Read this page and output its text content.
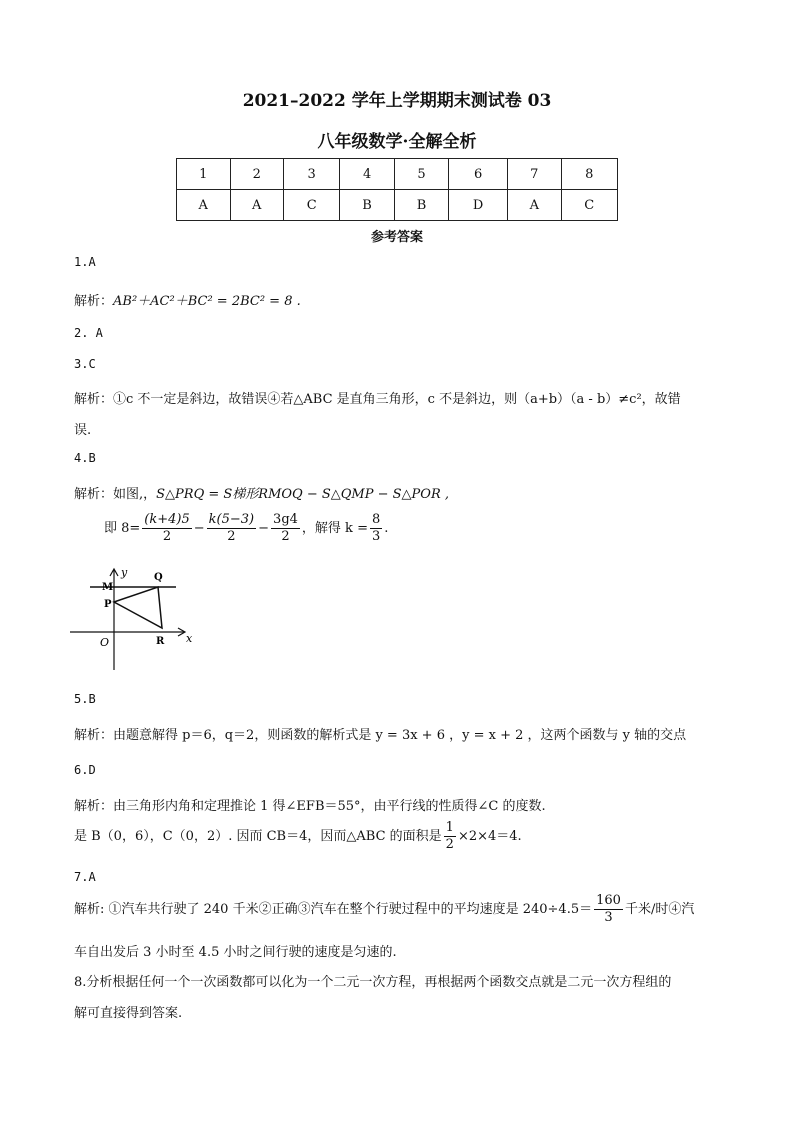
2021–2022 学年上学期期末测试卷 03
八年级数学·全解全析
1	2	3	4	5	6	7	8
A	A	C	B	B	D	A	C
参考答案
1.A
解析：AB²＋AC²＋BC² = 2BC² = 8 .
2. A
3.C
解析：①c 不一定是斜边，故错误④若△ABC 是直角三角形，c 不是斜边，则（a+b）（a - b）≠c²，故错
误.
4.B
解析：如图,，S△PRQ = S梯形RMOQ − S△QMP − S△POR ,
即 $8= \frac{(k+4)5}{2} - \frac{k(5-3)}{2} - \frac{3g4}{2}$ ，解得 $k = \frac{8}{3}$ .
y
x
Q
M
P
O	R
5.B
解析：由题意解得 p＝6，q＝2，则函数的解析式是 y = 3x + 6 ，y = x + 2 ，这两个函数与 y 轴的交点
6.D
解析：由三角形内角和定理推论 1 得∠EFB＝55°，由平行线的性质得∠C 的度数.
是 B（0，6），C（0，2）. 因而 CB＝4，因而△ABC 的面积是 $\frac{1}{2} \times 2\times 4=4$.
7.A
解析: ①汽车共行驶了 240 千米②正确③汽车在整个行驶过程中的平均速度是 $240\div 4.5= \frac{160}{3}$ 千米/时④汽
车自出发后 3 小时至 4.5 小时之间行驶的速度是匀速的.
8.分析根据任何一个一次函数都可以化为一个二元一次方程，再根据两个函数交点就是二元一次方程组的
解可直接得到答案.
